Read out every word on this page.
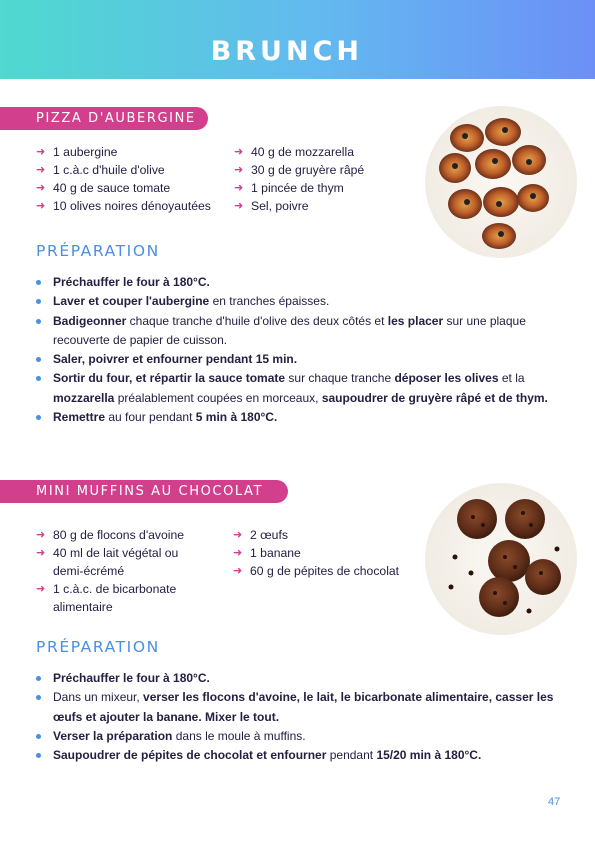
BRUNCH
PIZZA D'AUBERGINE
➜ 1 aubergine
➜ 1 c.à.c d'huile d'olive
➜ 40 g de sauce tomate
➜ 10 olives noires dénoyautées
➜ 40 g de mozzarella
➜ 30 g de gruyère râpé
➜ 1 pincée de thym
➜ Sel, poivre
PRÉPARATION
Préchauffer le four à 180°C.
Laver et couper l'aubergine en tranches épaisses.
Badigeonner chaque tranche d'huile d'olive des deux côtés et les placer sur une plaque recouverte de papier de cuisson.
Saler, poivrer et enfourner pendant 15 min.
Sortir du four, et répartir la sauce tomate sur chaque tranche déposer les olives et la mozzarella préalablement coupées en morceaux, saupoudrer de gruyère râpé et de thym.
Remettre au four pendant 5 min à 180°C.
MINI MUFFINS AU CHOCOLAT
➜ 80 g de flocons d'avoine
➜ 40 ml de lait végétal ou demi-écrémé
➜ 1 c.à.c. de bicarbonate alimentaire
➜ 2 œufs
➜ 1 banane
➜ 60 g de pépites de chocolat
PRÉPARATION
Préchauffer le four à 180°C.
Dans un mixeur, verser les flocons d'avoine, le lait, le bicarbonate alimentaire, casser les œufs et ajouter la banane. Mixer le tout.
Verser la préparation dans le moule à muffins.
Saupoudrer de pépites de chocolat et enfourner pendant 15/20 min à 180°C.
47
